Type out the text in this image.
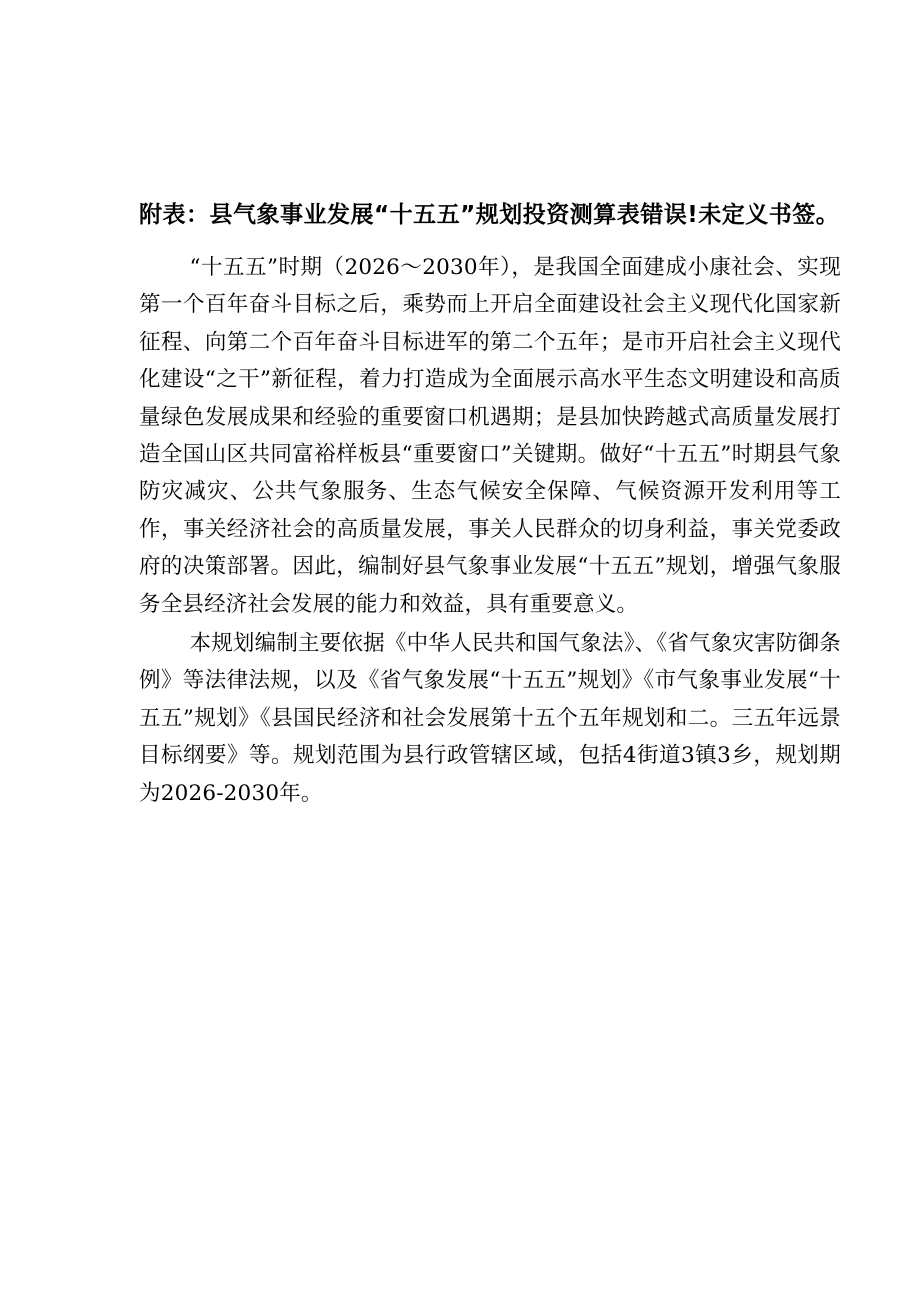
附表：县气象事业发展“十五五”规划投资测算表错误!未定义书签。

“十五五”时期（2026～2030年），是我国全面建成小康社会、实现第一个百年奋斗目标之后，乘势而上开启全面建设社会主义现代化国家新征程、向第二个百年奋斗目标进军的第二个五年；是市开启社会主义现代化建设“之干”新征程，着力打造成为全面展示高水平生态文明建设和高质量绿色发展成果和经验的重要窗口机遇期；是县加快跨越式高质量发展打造全国山区共同富裕样板县“重要窗口”关键期。做好“十五五”时期县气象防灾减灾、公共气象服务、生态气候安全保障、气候资源开发利用等工作，事关经济社会的高质量发展，事关人民群众的切身利益，事关党委政府的决策部署。因此，编制好县气象事业发展“十五五”规划，增强气象服务全县经济社会发展的能力和效益，具有重要意义。

本规划编制主要依据《中华人民共和国气象法》、《省气象灾害防御条例》等法律法规，以及《省气象发展“十五五”规划》《市气象事业发展“十五五”规划》《县国民经济和社会发展第十五个五年规划和二。三五年远景目标纲要》等。规划范围为县行政管辖区域，包括4街道3镇3乡，规划期为2026-2030年。
